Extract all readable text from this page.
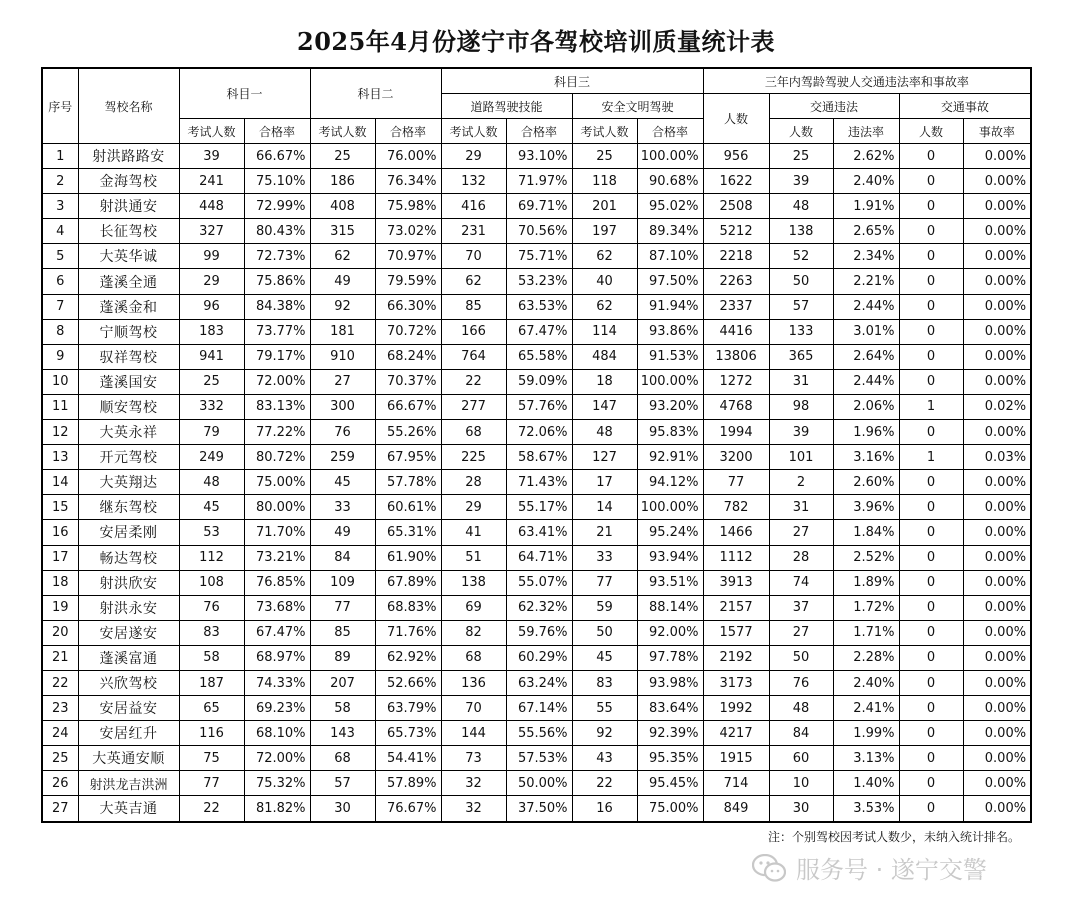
2025年4月份遂宁市各驾校培训质量统计表
序号	驾校名称	科目一		科目二		科目三				三年内驾龄驾驶人交通违法率和事故率				
						道路驾驶技能		安全文明驾驶		人数	交通违法		交通事故	
		考试人数	合格率	考试人数	合格率	考试人数	合格率	考试人数	合格率		人数	违法率	人数	事故率
1	射洪路路安	39	66.67%	25	76.00%	29	93.10%	25	100.00%	956	25	2.62%	0	0.00%
2	金海驾校	241	75.10%	186	76.34%	132	71.97%	118	90.68%	1622	39	2.40%	0	0.00%
3	射洪通安	448	72.99%	408	75.98%	416	69.71%	201	95.02%	2508	48	1.91%	0	0.00%
4	长征驾校	327	80.43%	315	73.02%	231	70.56%	197	89.34%	5212	138	2.65%	0	0.00%
5	大英华诚	99	72.73%	62	70.97%	70	75.71%	62	87.10%	2218	52	2.34%	0	0.00%
6	蓬溪全通	29	75.86%	49	79.59%	62	53.23%	40	97.50%	2263	50	2.21%	0	0.00%
7	蓬溪金和	96	84.38%	92	66.30%	85	63.53%	62	91.94%	2337	57	2.44%	0	0.00%
8	宁顺驾校	183	73.77%	181	70.72%	166	67.47%	114	93.86%	4416	133	3.01%	0	0.00%
9	驭祥驾校	941	79.17%	910	68.24%	764	65.58%	484	91.53%	13806	365	2.64%	0	0.00%
10	蓬溪国安	25	72.00%	27	70.37%	22	59.09%	18	100.00%	1272	31	2.44%	0	0.00%
11	顺安驾校	332	83.13%	300	66.67%	277	57.76%	147	93.20%	4768	98	2.06%	1	0.02%
12	大英永祥	79	77.22%	76	55.26%	68	72.06%	48	95.83%	1994	39	1.96%	0	0.00%
13	开元驾校	249	80.72%	259	67.95%	225	58.67%	127	92.91%	3200	101	3.16%	1	0.03%
14	大英翔达	48	75.00%	45	57.78%	28	71.43%	17	94.12%	77	2	2.60%	0	0.00%
15	继东驾校	45	80.00%	33	60.61%	29	55.17%	14	100.00%	782	31	3.96%	0	0.00%
16	安居柔刚	53	71.70%	49	65.31%	41	63.41%	21	95.24%	1466	27	1.84%	0	0.00%
17	畅达驾校	112	73.21%	84	61.90%	51	64.71%	33	93.94%	1112	28	2.52%	0	0.00%
18	射洪欣安	108	76.85%	109	67.89%	138	55.07%	77	93.51%	3913	74	1.89%	0	0.00%
19	射洪永安	76	73.68%	77	68.83%	69	62.32%	59	88.14%	2157	37	1.72%	0	0.00%
20	安居遂安	83	67.47%	85	71.76%	82	59.76%	50	92.00%	1577	27	1.71%	0	0.00%
21	蓬溪富通	58	68.97%	89	62.92%	68	60.29%	45	97.78%	2192	50	2.28%	0	0.00%
22	兴欣驾校	187	74.33%	207	52.66%	136	63.24%	83	93.98%	3173	76	2.40%	0	0.00%
23	安居益安	65	69.23%	58	63.79%	70	67.14%	55	83.64%	1992	48	2.41%	0	0.00%
24	安居红升	116	68.10%	143	65.73%	144	55.56%	92	92.39%	4217	84	1.99%	0	0.00%
25	大英通安顺	75	72.00%	68	54.41%	73	57.53%	43	95.35%	1915	60	3.13%	0	0.00%
26	射洪龙吉洪洲	77	75.32%	57	57.89%	32	50.00%	22	95.45%	714	10	1.40%	0	0.00%
27	大英吉通	22	81.82%	30	76.67%	32	37.50%	16	75.00%	849	30	3.53%	0	0.00%
注：个别驾校因考试人数少，未纳入统计排名。
服务号 · 遂宁交警
